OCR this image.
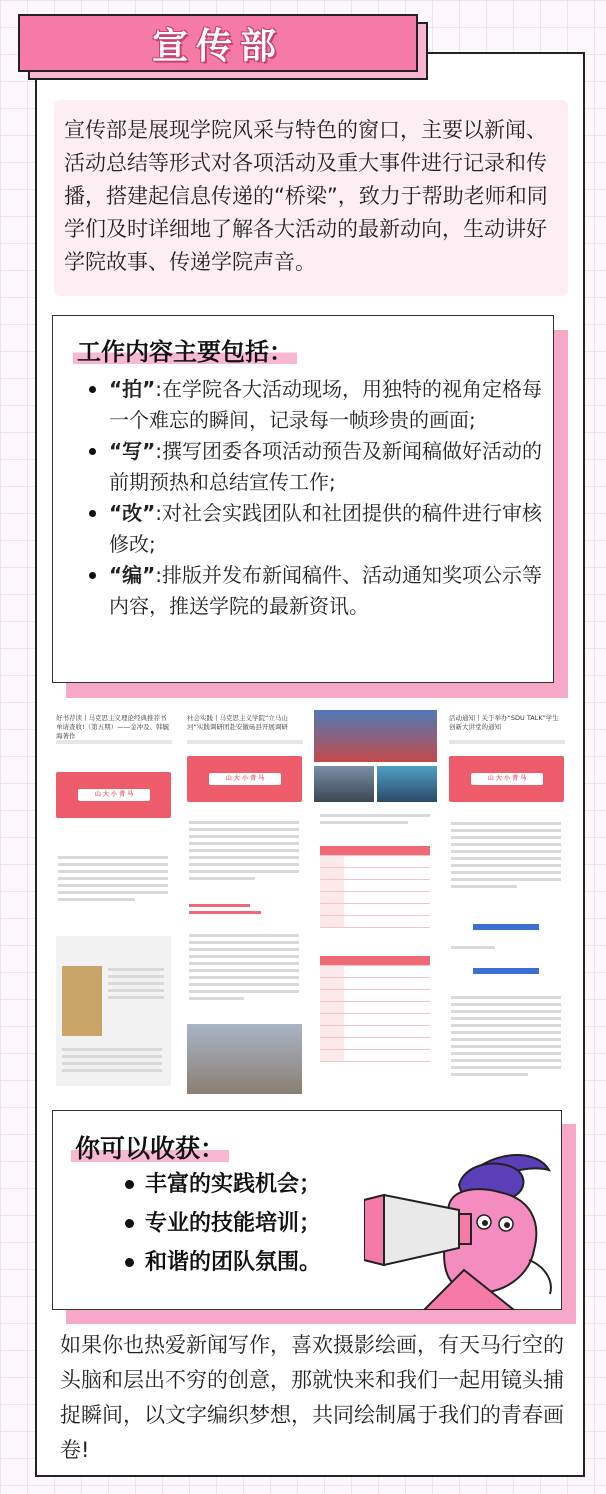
宣传部

宣传部是展现学院风采与特色的窗口，主要以新闻、活动总结等形式对各项活动及重大事件进行记录和传播，搭建起信息传递的“桥梁”，致力于帮助老师和同学们及时详细地了解各大活动的最新动向，生动讲好学院故事、传递学院声音。

工作内容主要包括：
“拍”:在学院各大活动现场，用独特的视角定格每一个难忘的瞬间，记录每一帧珍贵的画面;
“写”:撰写团委各项活动预告及新闻稿做好活动的前期预热和总结宣传工作;
“改”:对社会实践团队和社团提供的稿件进行审核修改;
“编”:排版并发布新闻稿件、活动通知奖项公示等内容，推送学院的最新资讯。
好书荐读丨马克思主义理论经典推荐书单请查收!（第五期）——金冲及、韩毓海著作
山 大 小 青 马
社会实践丨马克思主义学院“立马山河”实践调研团赴安徽砀县开展调研
山 大 小 青 马
活动通知丨关于举办“SDU TALK”学生创新大讲堂的通知
山 大 小 青 马
你可以收获：
丰富的实践机会；
专业的技能培训；
和谐的团队氛围。

如果你也热爱新闻写作，喜欢摄影绘画，有天马行空的头脑和层出不穷的创意，那就快来和我们一起用镜头捕捉瞬间，以文字编织梦想，共同绘制属于我们的青春画卷!
